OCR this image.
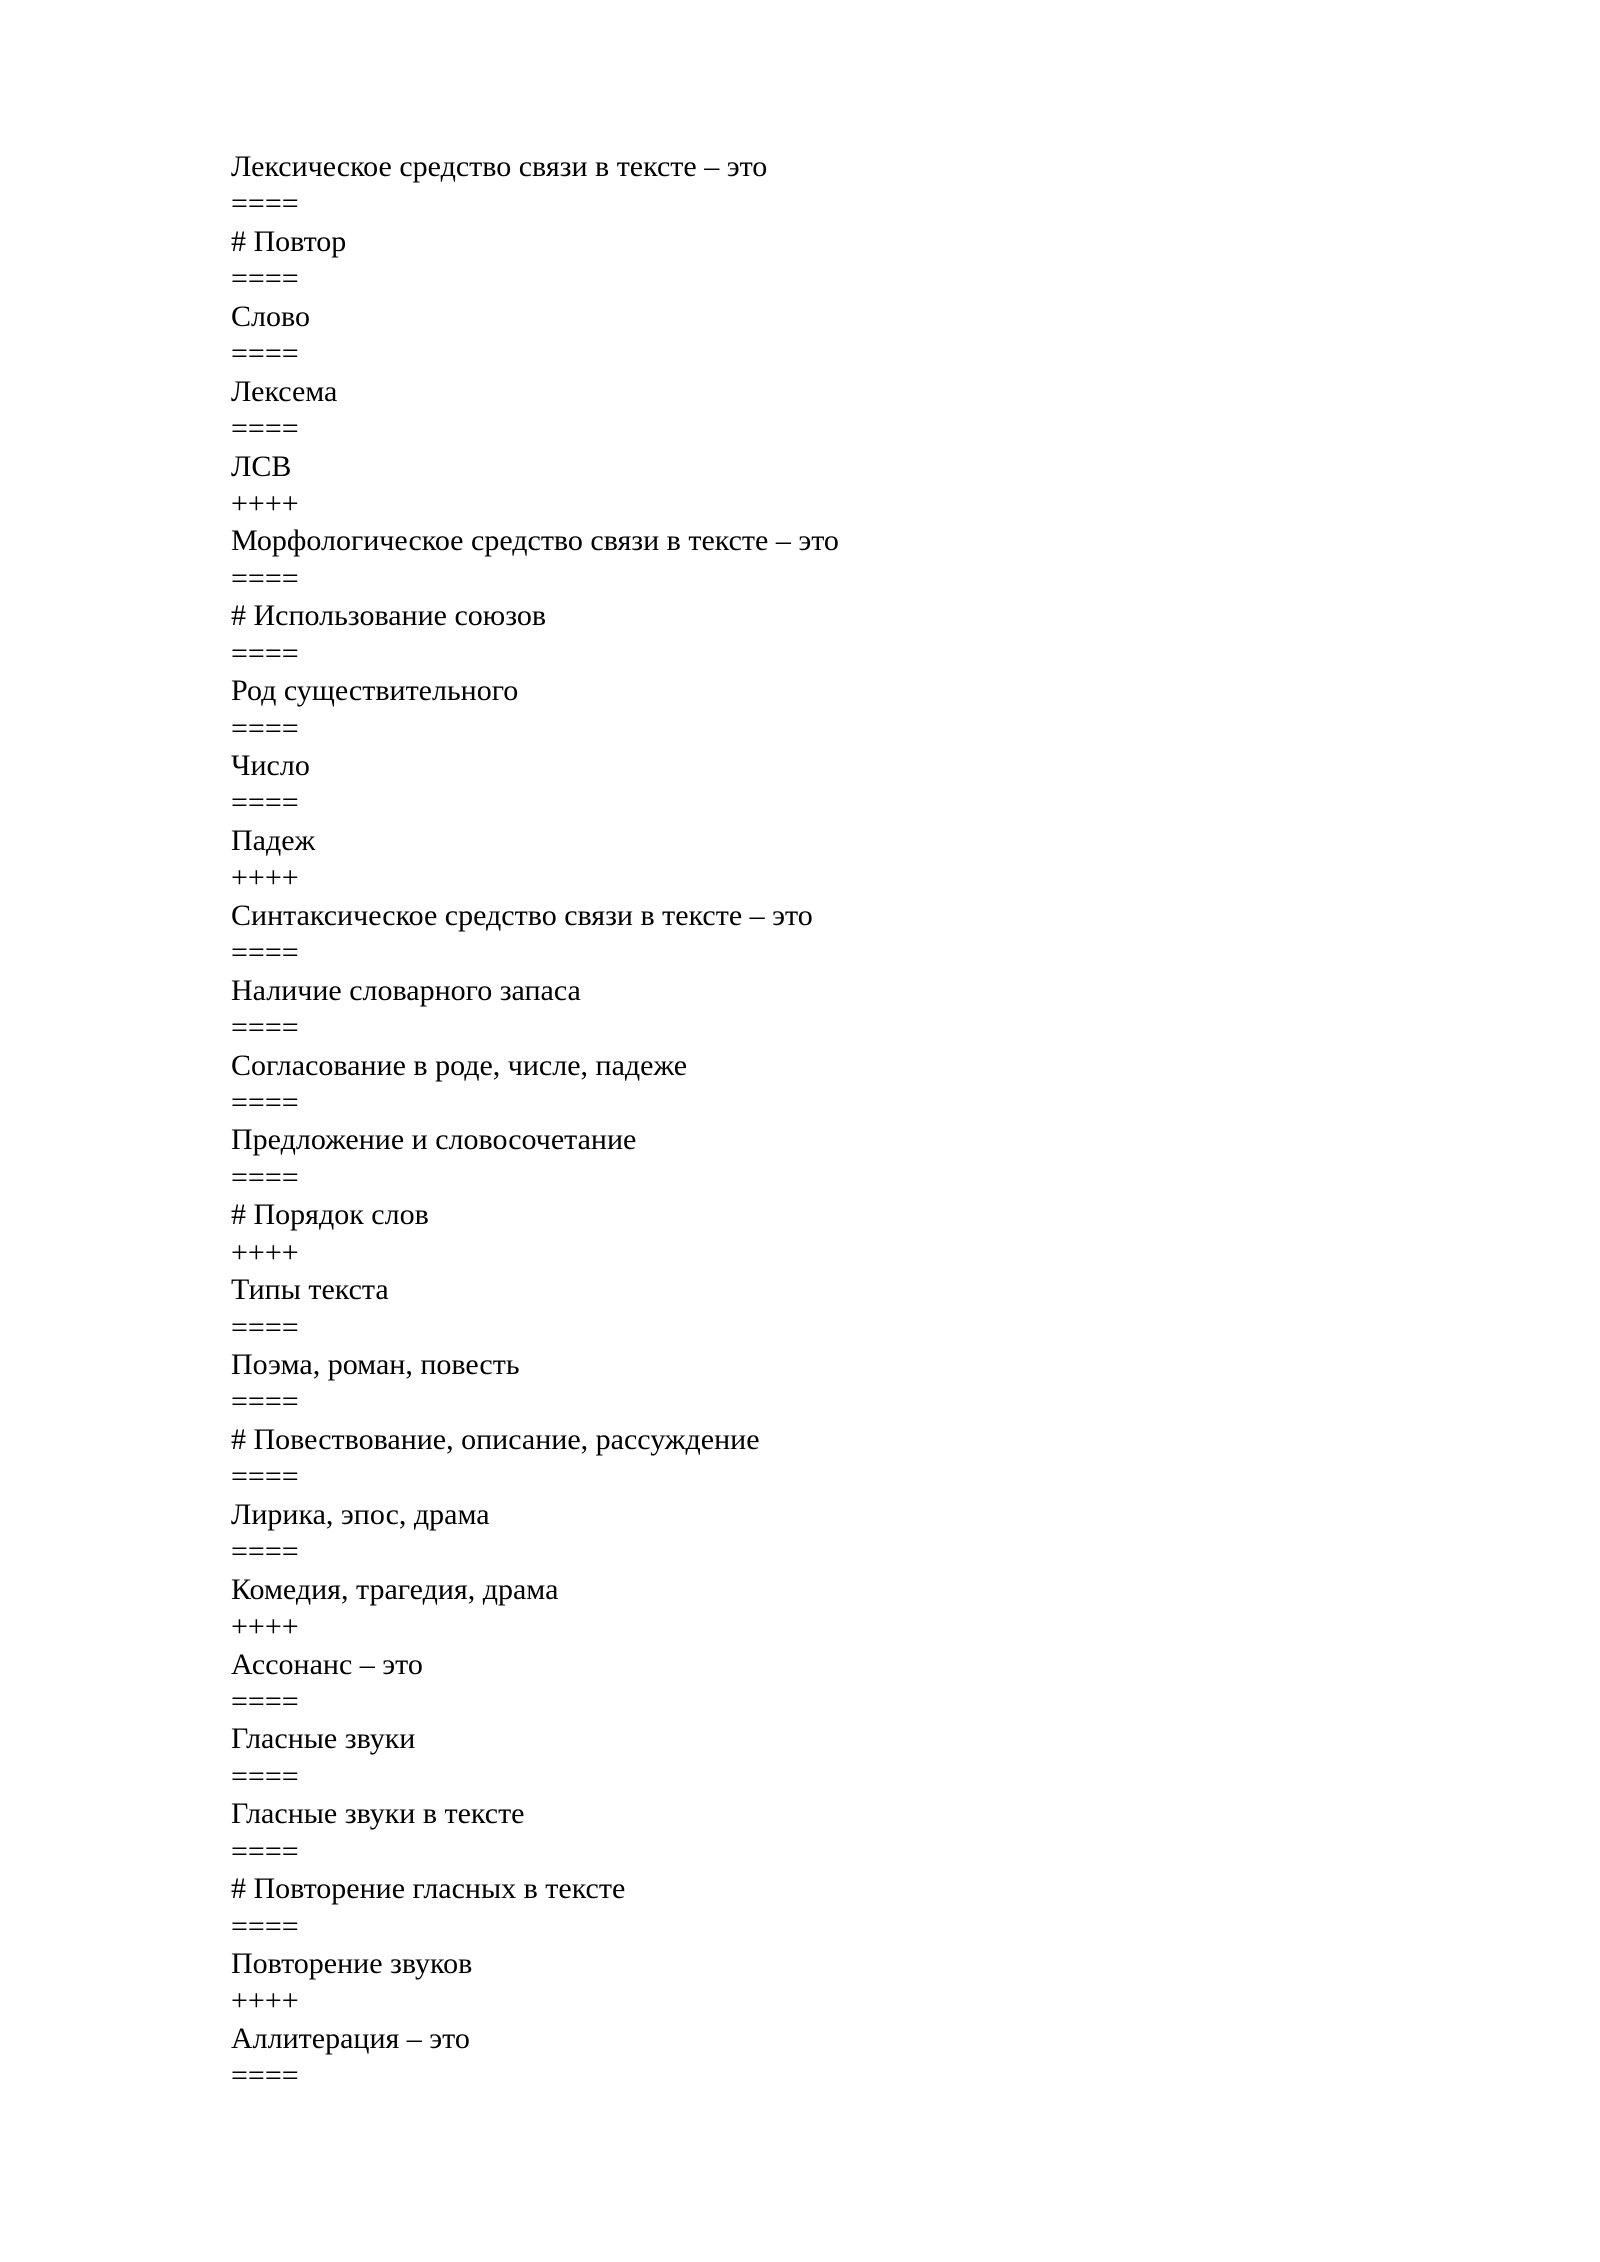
Лексическое средство связи в тексте – это
====
# Повтор
====
Слово
====
Лексема
====
ЛСВ
++++
Морфологическое средство связи в тексте – это
====
# Использование союзов
====
Род существительного
====
Число
====
Падеж
++++
Синтаксическое средство связи в тексте – это
====
Наличие словарного запаса
====
Согласование в роде, числе, падеже
====
Предложение и словосочетание
====
# Порядок слов
++++
Типы текста
====
Поэма, роман, повесть
====
# Повествование, описание, рассуждение
====
Лирика, эпос, драма
====
Комедия, трагедия, драма
++++
Ассонанс – это
====
Гласные звуки
====
Гласные звуки в тексте
====
# Повторение гласных в тексте
====
Повторение звуков
++++
Аллитерация – это
====
